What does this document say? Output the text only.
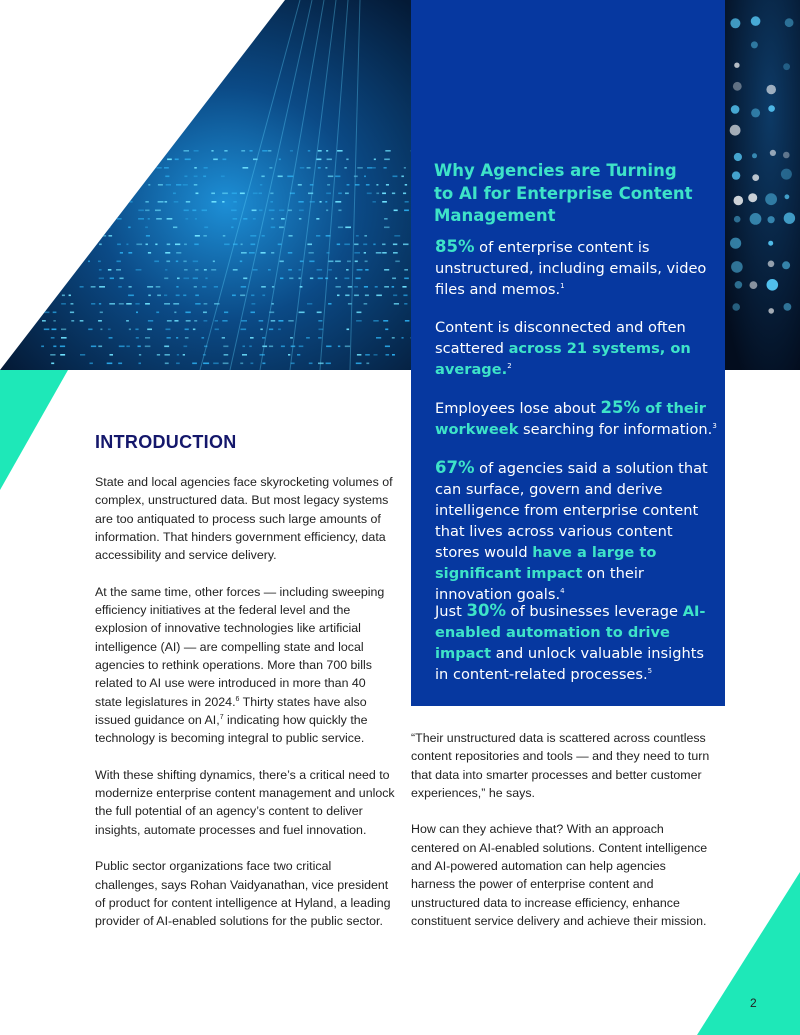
Why Agencies are Turning to AI for Enterprise Content Management
85% of enterprise content is unstructured, including emails, video files and memos.$^1$
Content is disconnected and often scattered across 21 systems, on average.$^2$
Employees lose about 25% of their workweek searching for information.$^3$
67% of agencies said a solution that can surface, govern and derive intelligence from enterprise content that lives across various content stores would have a large to significant impact on their innovation goals.$^4$
Just 30% of businesses leverage AI-enabled automation to drive impact and unlock valuable insights in content-related processes.$^5$
INTRODUCTION

State and local agencies face skyrocketing volumes of complex, unstructured data. But most legacy systems are too antiquated to process such large amounts of information. That hinders government efficiency, data accessibility and service delivery.

At the same time, other forces — including sweeping efficiency initiatives at the federal level and the explosion of innovative technologies like artificial intelligence (AI) — are compelling state and local agencies to rethink operations. More than 700 bills related to AI use were introduced in more than 40 state legislatures in 2024.$^6$ Thirty states have also issued guidance on AI,$^7$ indicating how quickly the technology is becoming integral to public service.

With these shifting dynamics, there’s a critical need to modernize enterprise content management and unlock the full potential of an agency’s content to deliver insights, automate processes and fuel innovation.

Public sector organizations face two critical challenges, says Rohan Vaidyanathan, vice president of product for content intelligence at Hyland, a leading provider of AI-enabled solutions for the public sector.

“Their unstructured data is scattered across countless content repositories and tools — and they need to turn that data into smarter processes and better customer experiences,” he says.

How can they achieve that? With an approach centered on AI-enabled solutions. Content intelligence and AI-powered automation can help agencies harness the power of enterprise content and unstructured data to increase efficiency, enhance constituent service delivery and achieve their mission.

2
